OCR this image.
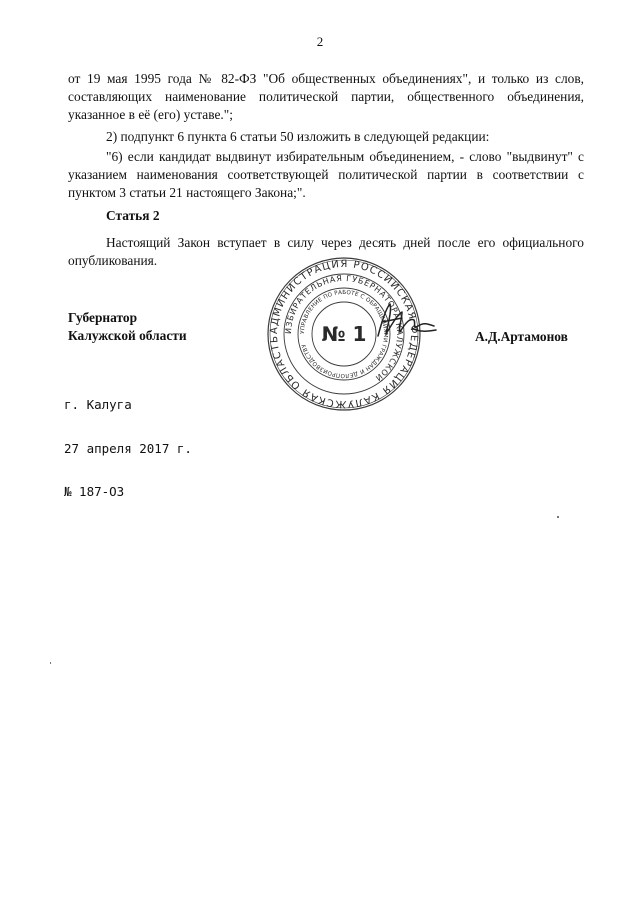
2

от 19 мая 1995 года № 82-ФЗ "Об общественных объединениях", и только из слов, составляющих наименование политической партии, общественного объединения, указанное в её (его) уставе.";

2) подпункт 6 пункта 6 статьи 50 изложить в следующей редакции:

"6) если кандидат выдвинут избирательным объединением, - слово "выдвинут" с указанием наименования соответствующей политической партии в соответствии с пунктом 3 статьи 21 настоящего Закона;".

Статья 2

Настоящий Закон вступает в силу через десять дней после его официального опубликования.

Губернатор
Калужской области	АДМИНИСТРАЦИЯ РОССИЙСКАЯ ФЕДЕРАЦИЯ КАЛУЖСКАЯ ОБЛАСТЬ
ИЗБИРАТЕЛЬНАЯ ГУБЕРНАТОРА КАЛУЖСКОЙ
УПРАВЛЕНИЕ ПО РАБОТЕ С ОБРАЩЕНИЯМИ ГРАЖДАН И ДЕЛОПРОИЗВОДСТВУ № 1	А.Д.Артамонов

г. Калуга

27 апреля 2017 г.

№ 187-ОЗ
